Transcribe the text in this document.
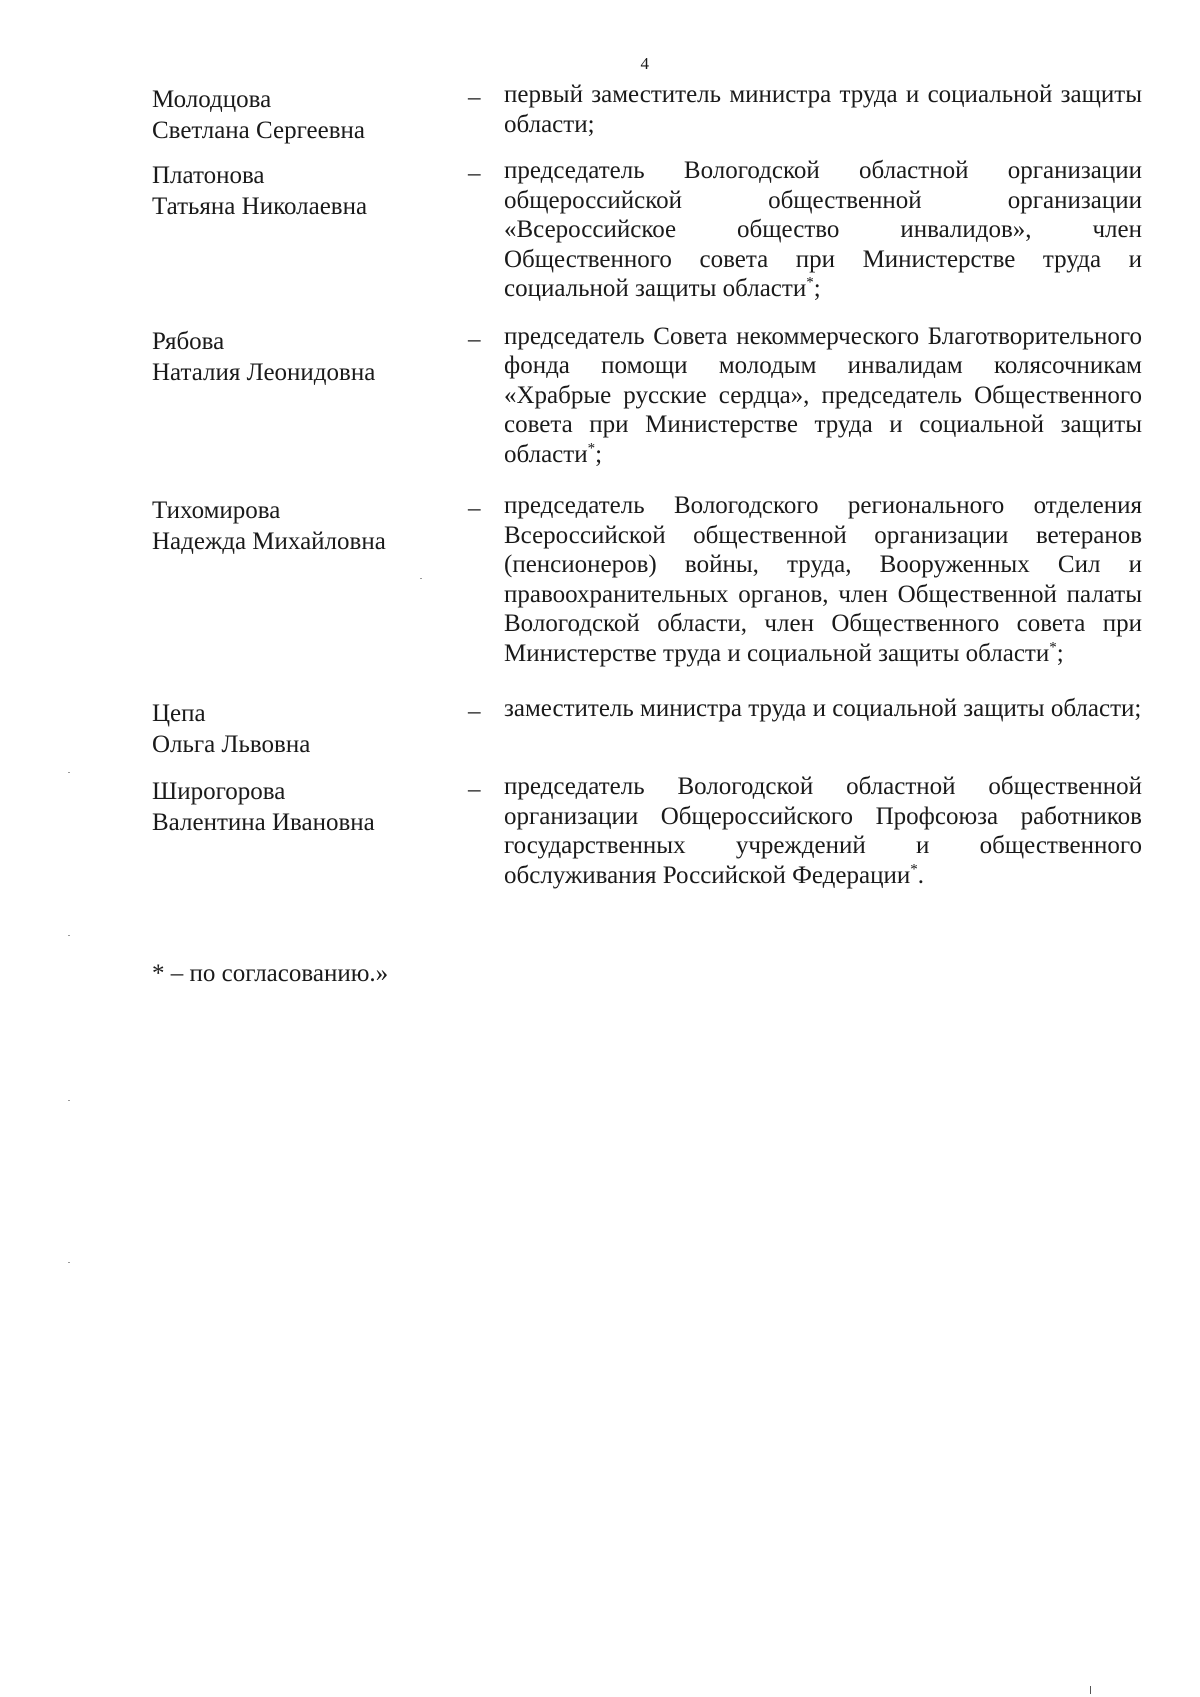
4
Молодцова
Светлана Сергеевна
– первый заместитель министра труда и социальной защиты области;
Платонова
Татьяна Николаевна
– председатель Вологодской областной организации общероссийской общественной организации «Всероссийское общество инвалидов», член Общественного совета при Министерстве труда и социальной защиты области*;
Рябова
Наталия Леонидовна
– председатель Совета некоммерческого Благотворительного фонда помощи молодым инвалидам колясочникам «Храбрые русские сердца», председатель Общественного совета при Министерстве труда и социальной защиты области*;
Тихомирова
Надежда Михайловна
– председатель Вологодского регионального отделения Всероссийской общественной организации ветеранов (пенсионеров) войны, труда, Вооруженных Сил и правоохранительных органов, член Общественной палаты Вологодской области, член Общественного совета при Министерстве труда и социальной защиты области*;
Цепа
Ольга Львовна
– заместитель министра труда и социальной защиты области;
Широгорова
Валентина Ивановна
– председатель Вологодской областной общественной организации Общероссийского Профсоюза работников государственных учреждений и общественного обслуживания Российской Федерации*.
* – по согласованию.»
